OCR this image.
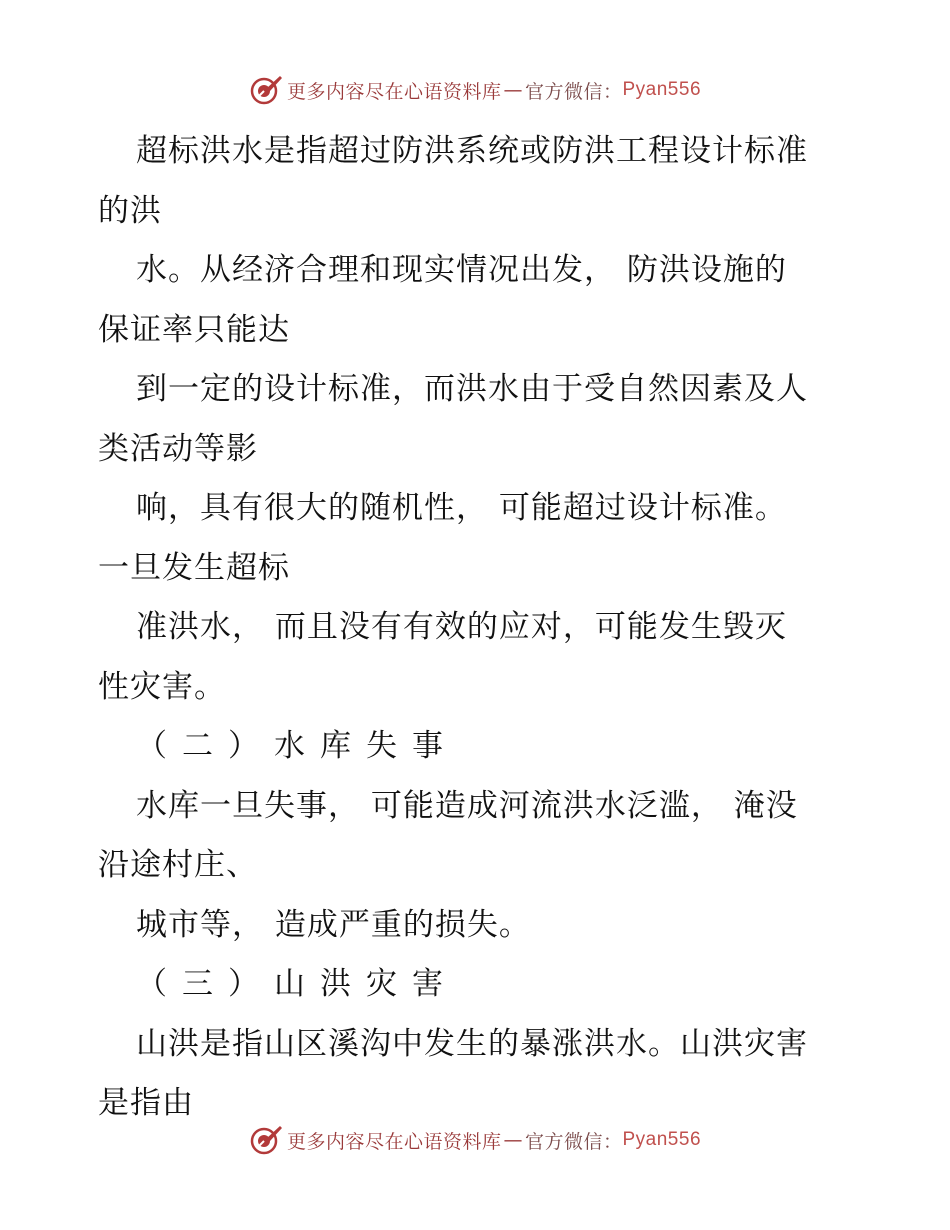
更多内容尽在心语资料库 — 官方微信： Pyan556
超标洪水是指超过防洪系统或防洪工程设计标准
的洪
水。从经济合理和现实情况出发， 防洪设施的
保证率只能达
到一定的设计标准，而洪水由于受自然因素及人
类活动等影
响，具有很大的随机性， 可能超过设计标准。
一旦发生超标
准洪水， 而且没有有效的应对，可能发生毁灭
性灾害。
（二）水库失事
水库一旦失事， 可能造成河流洪水泛滥， 淹没
沿途村庄、
城市等， 造成严重的损失。
（三）山洪灾害
山洪是指山区溪沟中发生的暴涨洪水。山洪灾害
是指由
更多内容尽在心语资料库 — 官方微信： Pyan556
